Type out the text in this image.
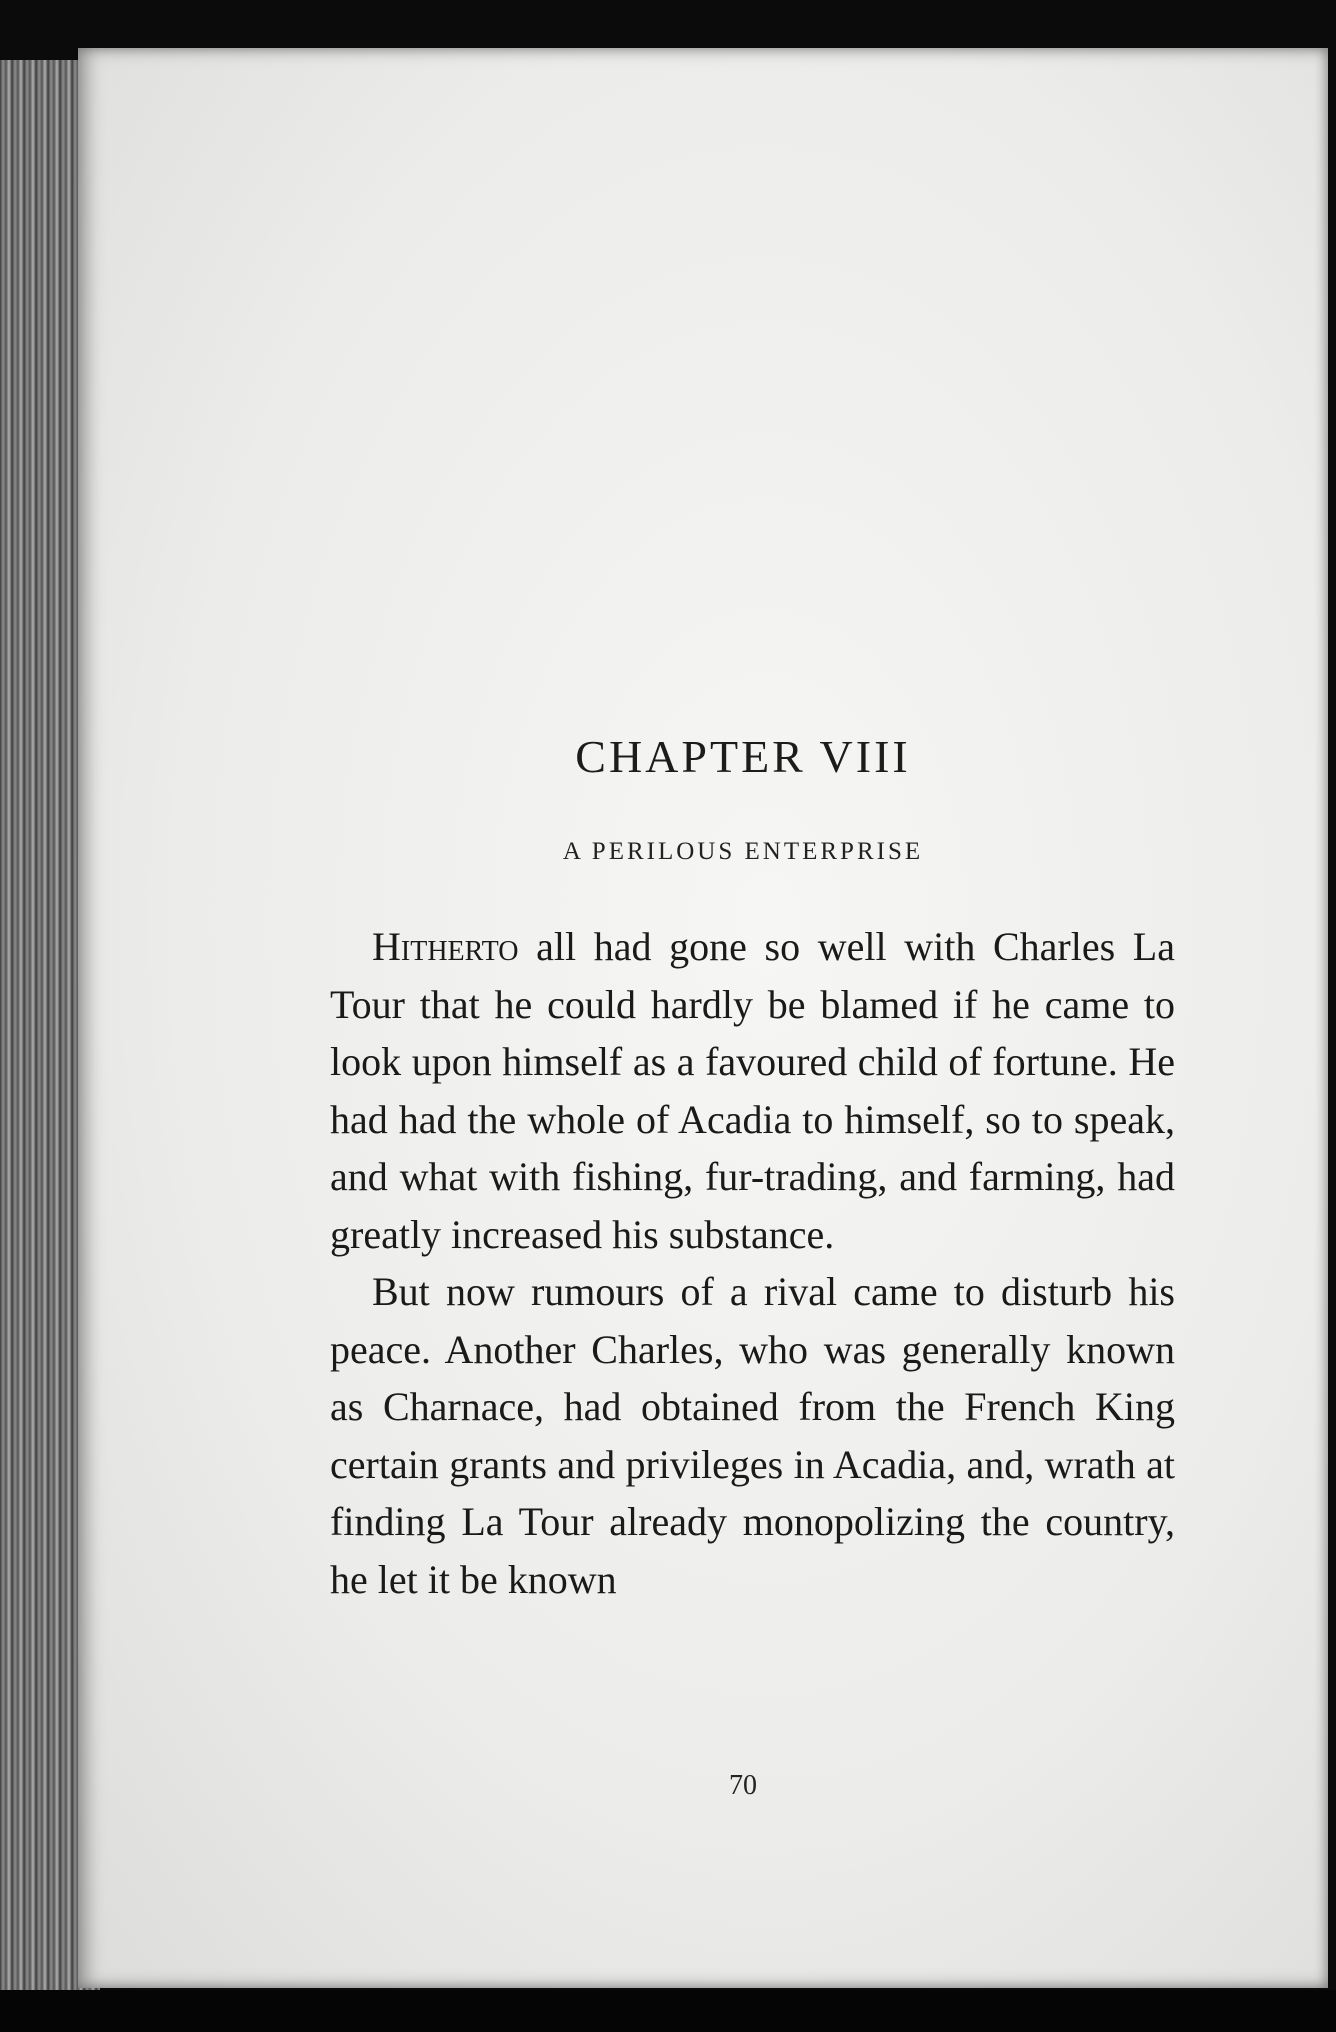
CHAPTER VIII
A PERILOUS ENTERPRISE

Hitherto all had gone so well with Charles La Tour that he could hardly be blamed if he came to look upon himself as a favoured child of fortune. He had had the whole of Acadia to himself, so to speak, and what with fishing, fur-trading, and farming, had greatly increased his substance.

But now rumours of a rival came to disturb his peace. Another Charles, who was generally known as Charnace, had obtained from the French King certain grants and privileges in Acadia, and, wrath at finding La Tour already monopolizing the country, he let it be known

70
